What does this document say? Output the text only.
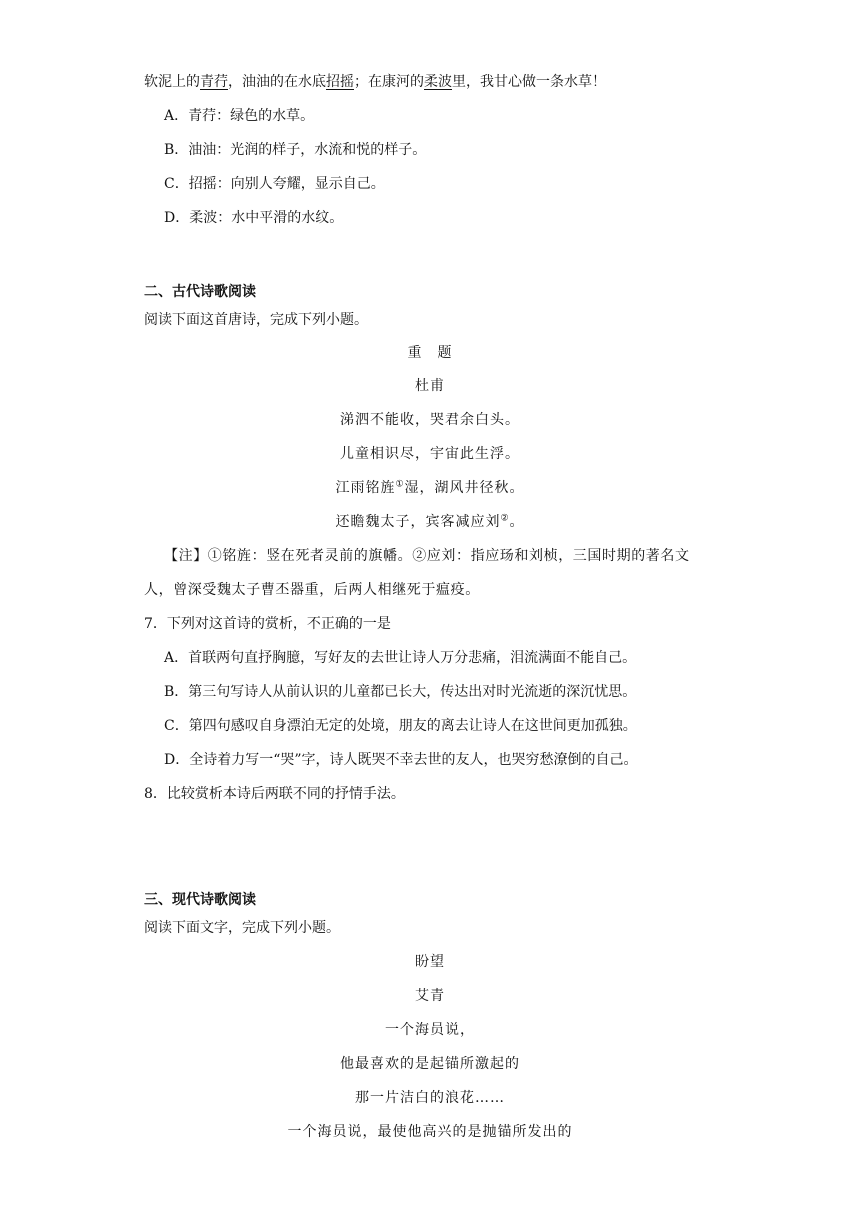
软泥上的青荇，油油的在水底招摇；在康河的柔波里，我甘心做一条水草！
A．青荇：绿色的水草。
B．油油：光润的样子，水流和悦的样子。
C．招摇：向别人夸耀，显示自己。
D．柔波：水中平滑的水纹。
二、古代诗歌阅读
阅读下面这首唐诗，完成下列小题。
重　题
杜甫
涕泗不能收，哭君余白头。
儿童相识尽，宇宙此生浮。
江雨铭旌①湿，湖风井径秋。
还瞻魏太子，宾客减应刘②。
【注】①铭旌：竖在死者灵前的旗幡。②应刘：指应玚和刘桢，三国时期的著名文
人，曾深受魏太子曹丕器重，后两人相继死于瘟疫。
7．下列对这首诗的赏析，不正确的一是
A．首联两句直抒胸臆，写好友的去世让诗人万分悲痛，泪流满面不能自己。
B．第三句写诗人从前认识的儿童都已长大，传达出对时光流逝的深沉忧思。
C．第四句感叹自身漂泊无定的处境，朋友的离去让诗人在这世间更加孤独。
D．全诗着力写一“哭”字，诗人既哭不幸去世的友人，也哭穷愁潦倒的自己。
8．比较赏析本诗后两联不同的抒情手法。
三、现代诗歌阅读
阅读下面文字，完成下列小题。
盼望
艾青
一个海员说，
他最喜欢的是起锚所激起的
那一片洁白的浪花……
一个海员说，最使他高兴的是抛锚所发出的
